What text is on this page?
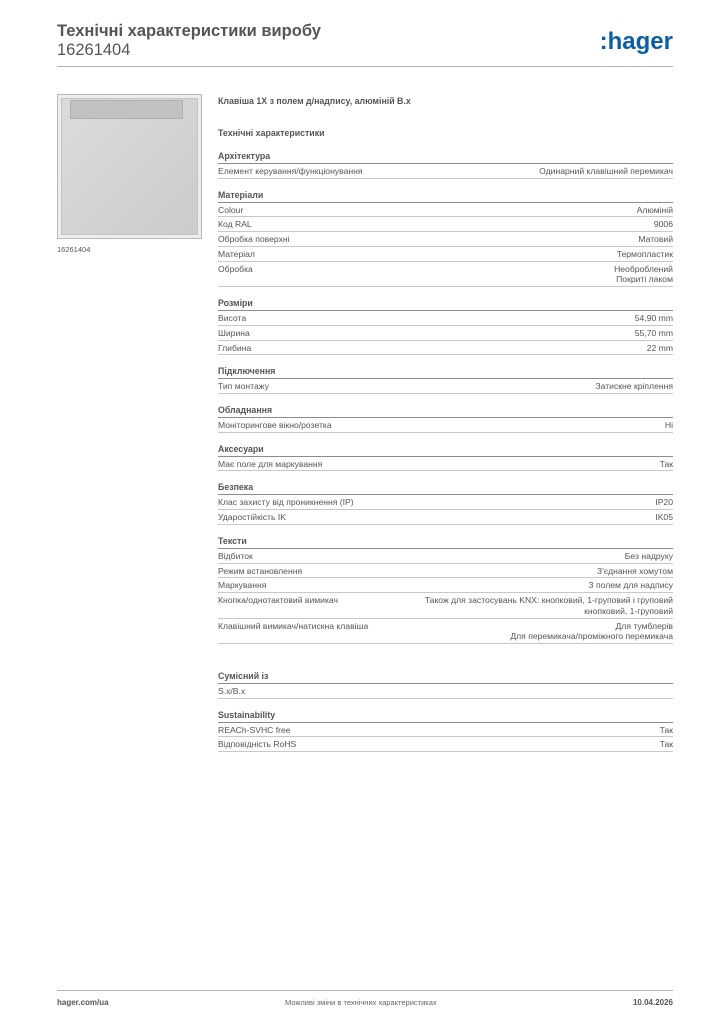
Технічні характеристики виробу
16261404	:hager
16261404
Клавіша 1Х з полем д/надпису, алюміній В.х
Технічні характеристики
Архітектура
Елемент керування/функціонування	Одинарний клавішний перемикач
Матеріали
Colour	Алюміній
Код RAL	9006
Обробка поверхні	Матовий
Матеріал	Термопластик
Обробка	Необроблений
Покриті лаком
Розміри
Висота	54,90 mm
Ширина	55,70 mm
Глибина	22 mm
Підключення
Тип монтажу	Затискне кріплення
Обладнання
Моніторингове вікно/розетка	Ні
Аксесуари
Має поле для маркування	Так
Безпека
Клас захисту від проникнення (IP)	IP20
Ударостійкість IK	IK05
Тексти
Відбиток	Без надруку
Режим встановлення	З'єднання хомутом
Маркування	З полем для надпису
Кнопка/однотактовий вимикач	Також для застосувань KNX: кнопковий, 1-груповий і груповий
кнопковий, 1-груповий
Клавішний вимикач/натискна клавіша	Для тумблерів
Для перемикача/проміжного перемикача
Сумісний із
S.x/B.x
Sustainability
REACh-SVHC free	Так
Відповідність RoHS	Так
hager.com/ua	Можливі зміни в технічних характеристиках	10.04.2026
